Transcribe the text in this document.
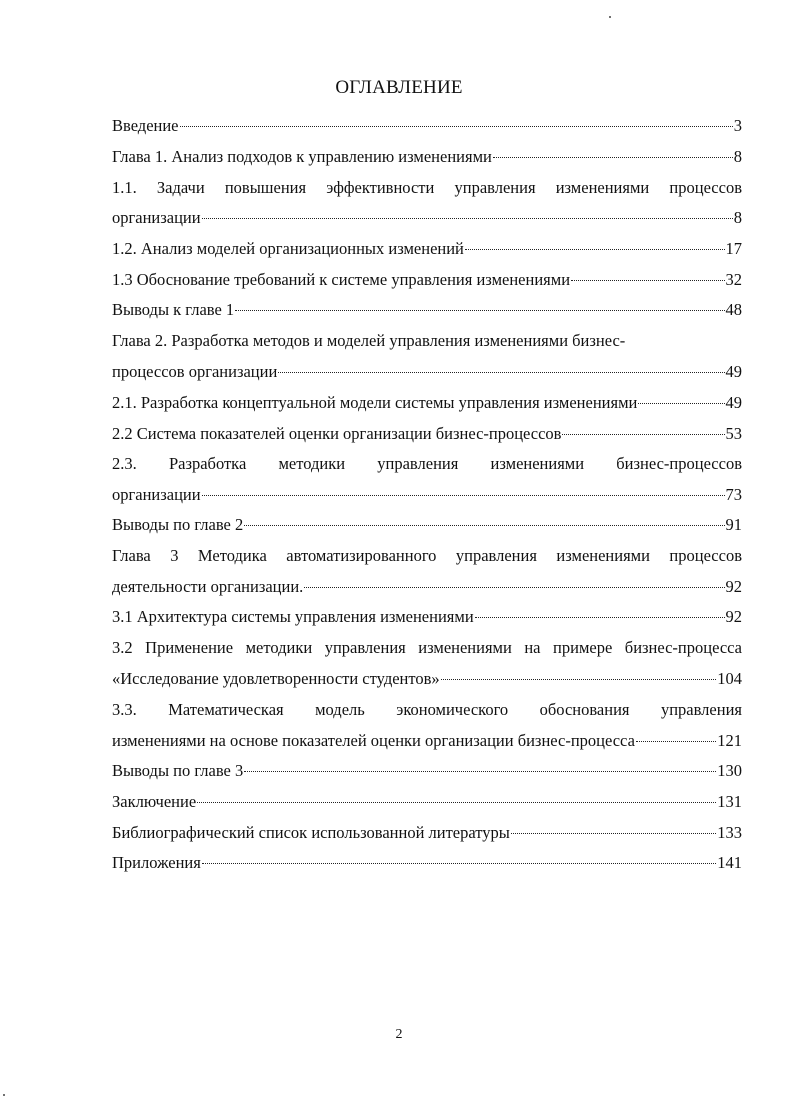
ОГЛАВЛЕНИЕ
Введение	3
Глава 1. Анализ подходов к управлению изменениями	8
1.1. Задачи повышения эффективности управления изменениями процессов
организации	8
1.2. Анализ моделей организационных изменений	17
1.3 Обоснование требований к системе управления изменениями	32
Выводы к главе 1	48
Глава 2. Разработка методов и моделей управления изменениями бизнес-
процессов организации	49
2.1. Разработка концептуальной модели системы управления изменениями	49
2.2 Система показателей оценки организации бизнес-процессов	53
2.3. Разработка методики управления изменениями бизнес-процессов
организации	73
Выводы по главе 2	91
Глава 3 Методика автоматизированного управления изменениями процессов
деятельности организации.	92
3.1 Архитектура системы управления изменениями	92
3.2 Применение методики управления изменениями на примере бизнес-процесса
«Исследование удовлетворенности студентов»	104
3.3. Математическая модель экономического обоснования управления
изменениями на основе показателей оценки организации бизнес-процесса	121
Выводы по главе 3	130
Заключение	131
Библиографический список использованной литературы	133
Приложения	141
2
